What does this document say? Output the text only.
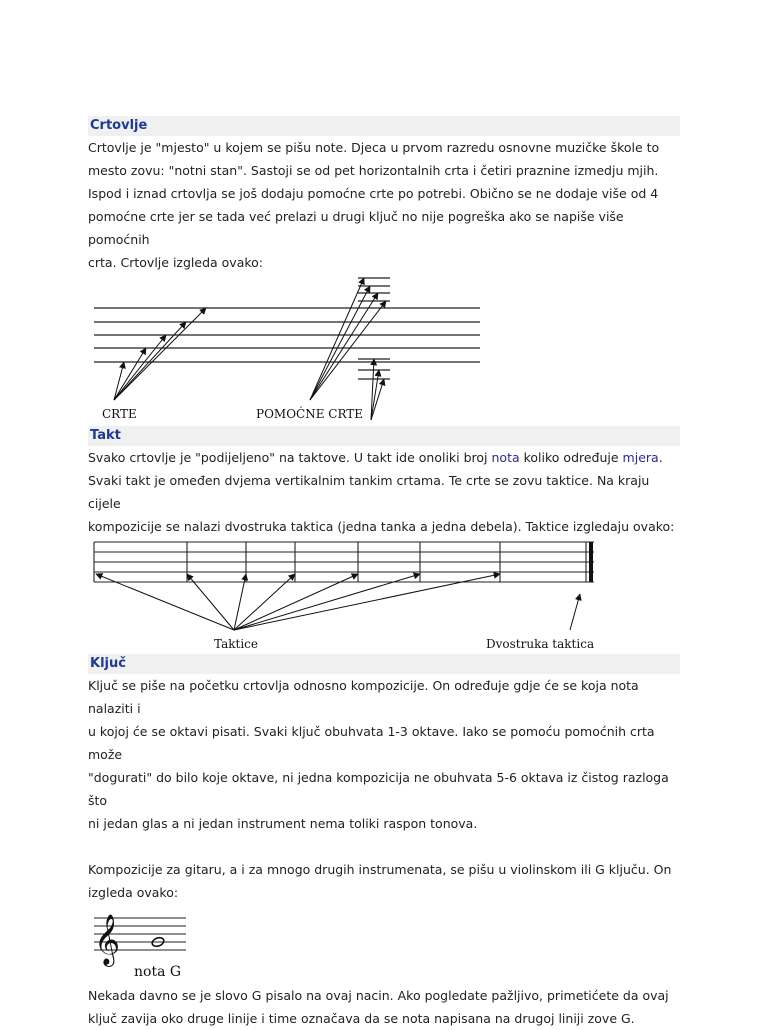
Crtovlje

Crtovlje je "mjesto" u kojem se pišu note. Djeca u prvom razredu osnovne muzičke škole to
mesto zovu: "notni stan". Sastoji se od pet horizontalnih crta i četiri praznine izmedju mjih.
Ispod i iznad crtovlja se još dodaju pomoćne crte po potrebi. Obično se ne dodaje više od 4
pomoćne crte jer se tada već prelazi u drugi ključ no nije pogreška ako se napiše više pomoćnih
crta. Crtovlje izgleda ovako:

CRTE	POMOĆNE CRTE
Takt

Svako crtovlje je "podijeljeno" na taktove. U takt ide onoliki broj nota koliko određuje mjera.
Svaki takt je omeđen dvjema vertikalnim tankim crtama. Te crte se zovu taktice. Na kraju cijele
kompozicije se nalazi dvostruka taktica (jedna tanka a jedna debela). Taktice izgledaju ovako:

Taktice	Dvostruka taktica
Ključ

Ključ se piše na početku crtovlja odnosno kompozicije. On određuje gdje će se koja nota nalaziti i
u kojoj će se oktavi pisati. Svaki ključ obuhvata 1-3 oktave. Iako se pomoću pomoćnih crta može
"dogurati" do bilo koje oktave, ni jedna kompozicija ne obuhvata 5-6 oktava iz čistog razloga što
ni jedan glas a ni jedan instrument nema toliki raspon tonova.

Kompozicije za gitaru, a i za mnogo drugih instrumenata, se pišu u violinskom ili G ključu. On
izgleda ovako:

𝄞
nota G

Nekada davno se je slovo G pisalo na ovaj nacin. Ako pogledate pažljivo, primetićete da ovaj
ključ zavija oko druge linije i time označava da se nota napisana na drugoj liniji zove G.
